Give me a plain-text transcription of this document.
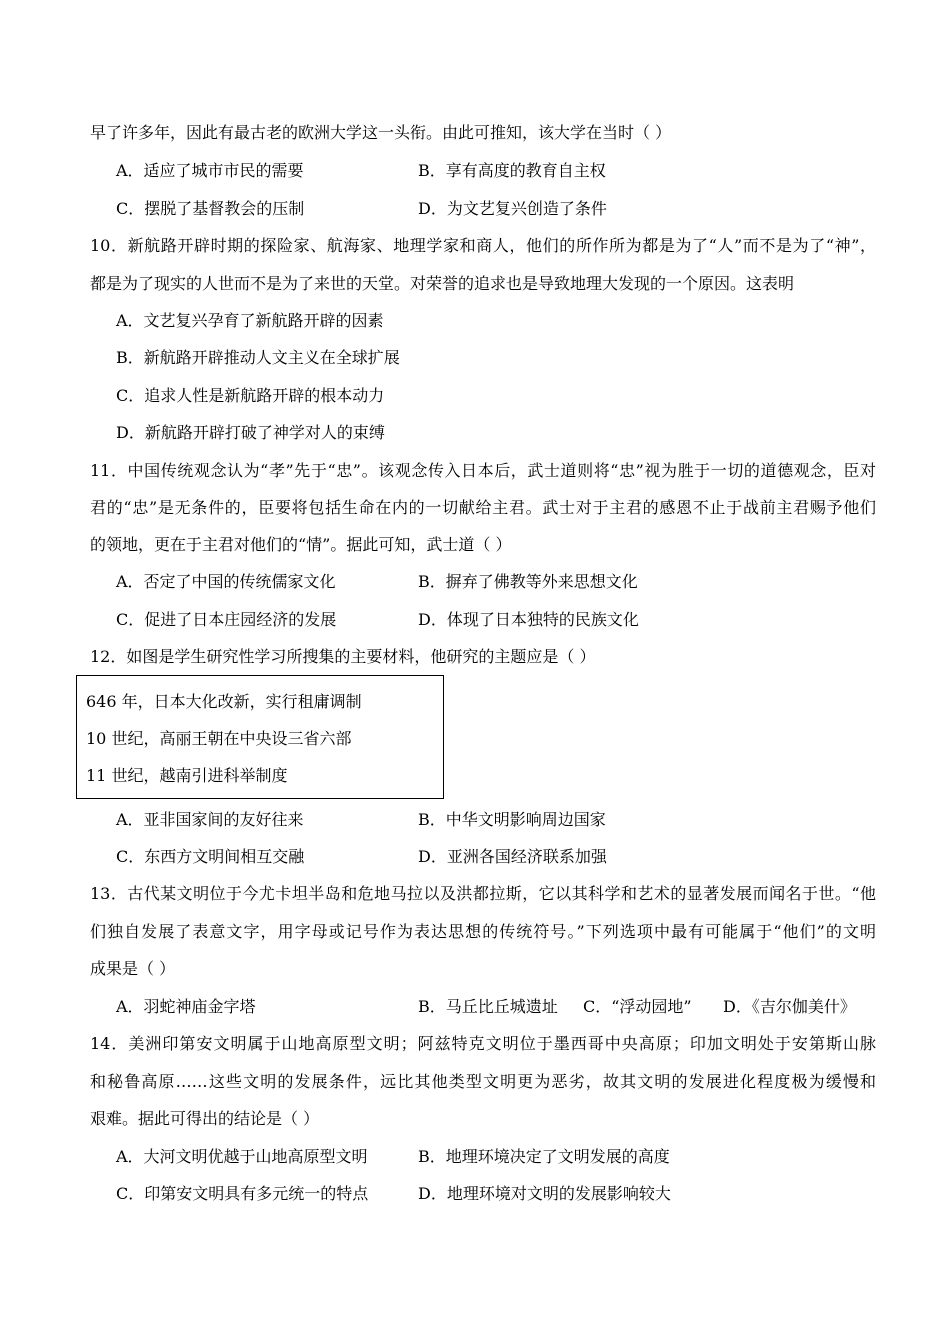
早了许多年，因此有最古老的欧洲大学这一头衔。由此可推知，该大学在当时（ ）
A．适应了城市市民的需要	B．享有高度的教育自主权
C．摆脱了基督教会的压制	D．为文艺复兴创造了条件
10．新航路开辟时期的探险家、航海家、地理学家和商人，他们的所作所为都是为了“人”而不是为了“神”，
都是为了现实的人世而不是为了来世的天堂。对荣誉的追求也是导致地理大发现的一个原因。这表明
A．文艺复兴孕育了新航路开辟的因素
B．新航路开辟推动人文主义在全球扩展
C．追求人性是新航路开辟的根本动力
D．新航路开辟打破了神学对人的束缚
11．中国传统观念认为“孝”先于“忠”。该观念传入日本后，武士道则将“忠”视为胜于一切的道德观念，臣对
君的“忠”是无条件的，臣要将包括生命在内的一切献给主君。武士对于主君的感恩不止于战前主君赐予他们
的领地，更在于主君对他们的“情”。据此可知，武士道（ ）
A．否定了中国的传统儒家文化	B．摒弃了佛教等外来思想文化
C．促进了日本庄园经济的发展	D．体现了日本独特的民族文化
12．如图是学生研究性学习所搜集的主要材料，他研究的主题应是（ ）
646 年，日本大化改新，实行租庸调制
10 世纪，高丽王朝在中央设三省六部
11 世纪，越南引进科举制度
A．亚非国家间的友好往来	B．中华文明影响周边国家
C．东西方文明间相互交融	D．亚洲各国经济联系加强
13．古代某文明位于今尤卡坦半岛和危地马拉以及洪都拉斯，它以其科学和艺术的显著发展而闻名于世。“他
们独自发展了表意文字，用字母或记号作为表达思想的传统符号。”下列选项中最有可能属于“他们”的文明
成果是（ ）
A．羽蛇神庙金字塔	B．马丘比丘城遗址 C．“浮动园地” D．《吉尔伽美什》
14．美洲印第安文明属于山地高原型文明；阿兹特克文明位于墨西哥中央高原；印加文明处于安第斯山脉
和秘鲁高原……这些文明的发展条件，远比其他类型文明更为恶劣，故其文明的发展进化程度极为缓慢和
艰难。据此可得出的结论是（ ）
A．大河文明优越于山地高原型文明	B．地理环境决定了文明发展的高度
C．印第安文明具有多元统一的特点	D．地理环境对文明的发展影响较大
